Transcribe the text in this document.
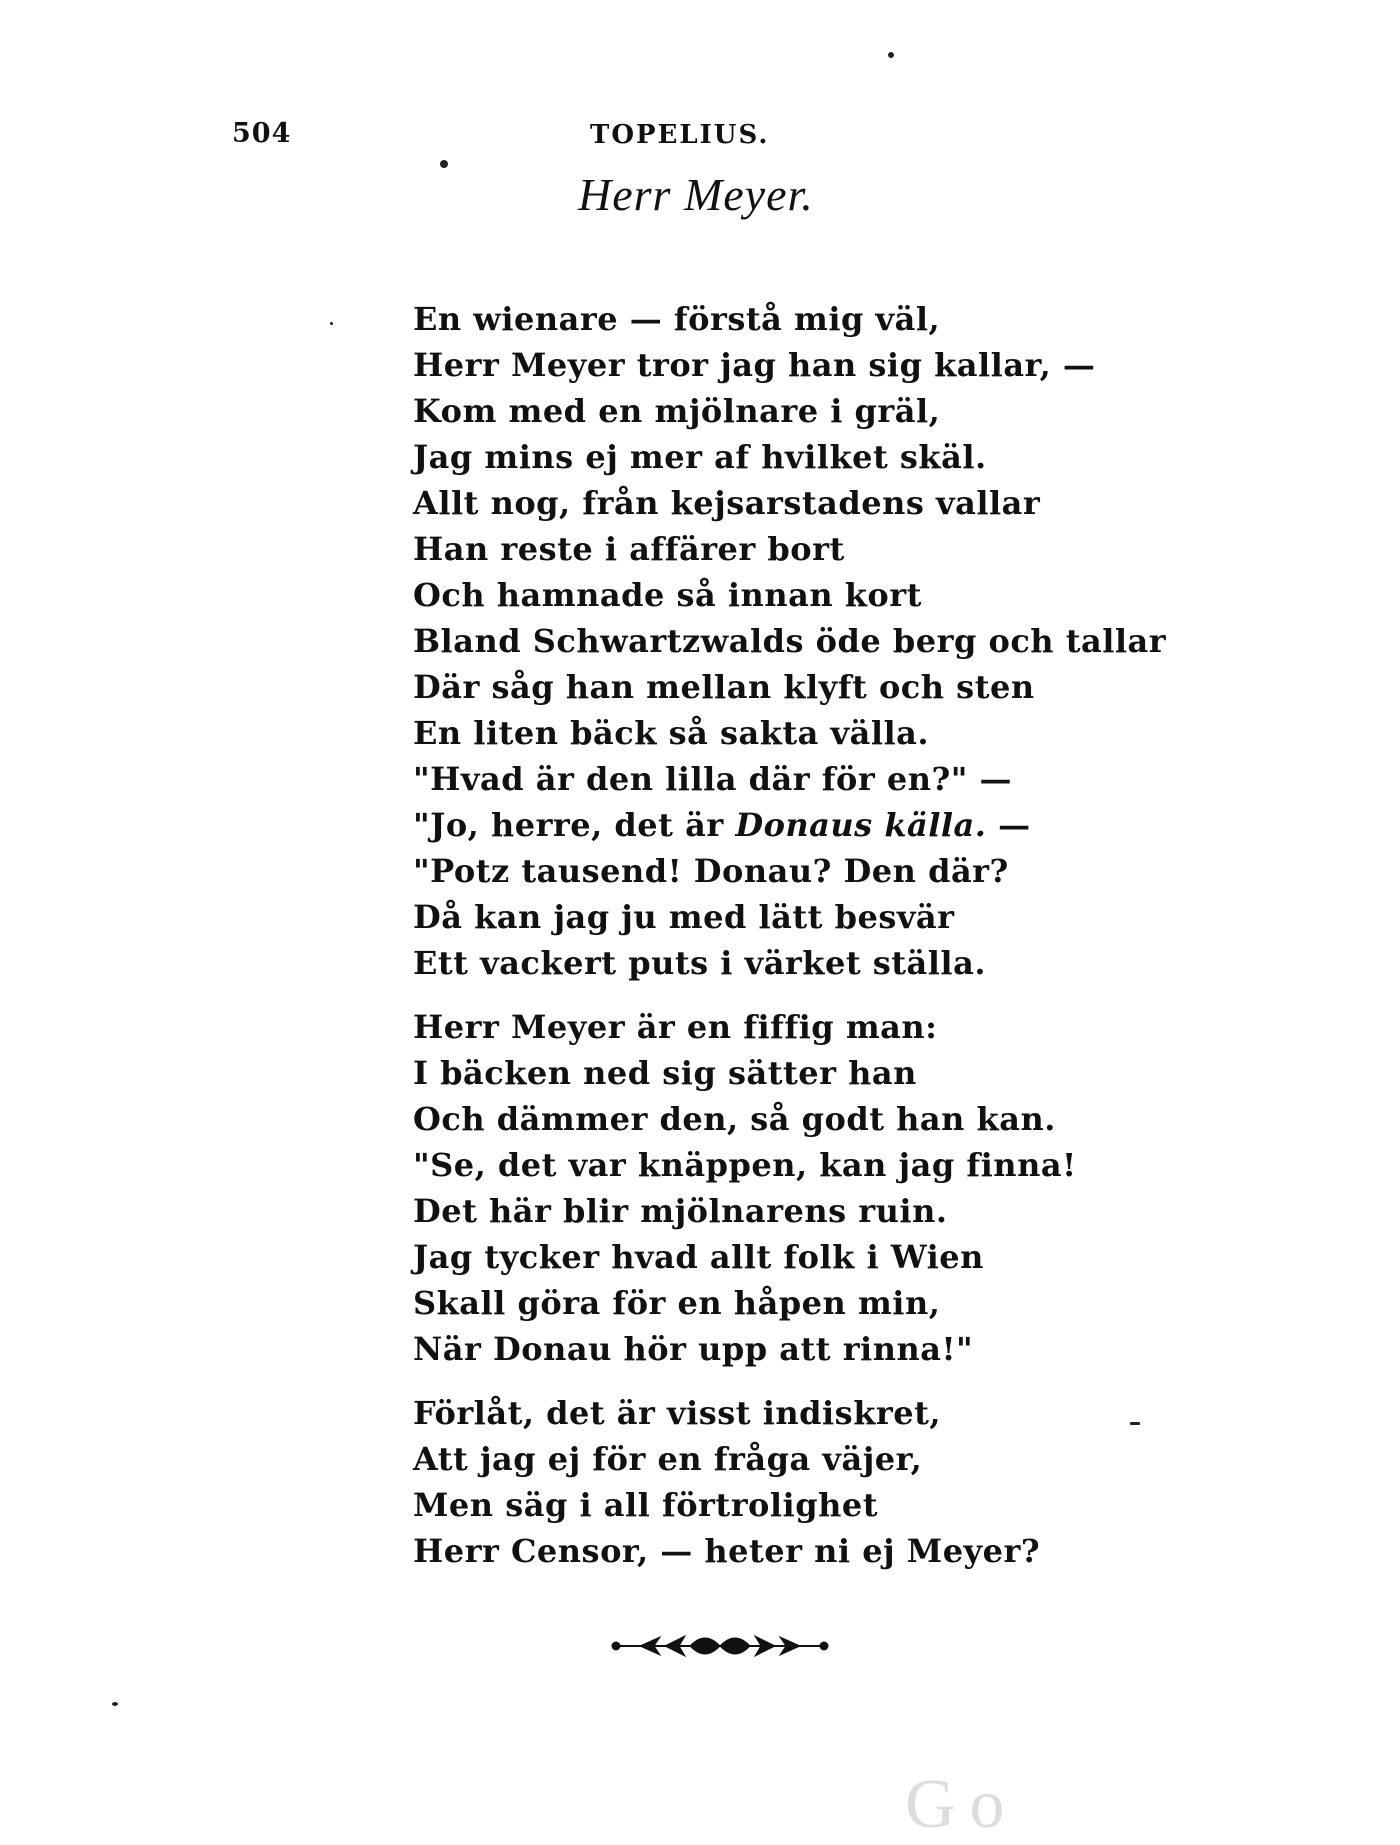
504	TOPELIUS.
Herr Meyer.
En wienare — förstå mig väl,
Herr Meyer tror jag han sig kallar, —
Kom med en mjölnare i gräl,
Jag mins ej mer af hvilket skäl.
Allt nog, från kejsarstadens vallar
Han reste i affärer bort
Och hamnade så innan kort
Bland Schwartzwalds öde berg och tallar
Där såg han mellan klyft och sten
En liten bäck så sakta välla.
"Hvad är den lilla där för en?" —
"Jo, herre, det är Donaus källa. —
"Potz tausend! Donau? Den där?
Då kan jag ju med lätt besvär
Ett vackert puts i värket ställa.
Herr Meyer är en fiffig man:
I bäcken ned sig sätter han
Och dämmer den, så godt han kan.
"Se, det var knäppen, kan jag finna!
Det här blir mjölnarens ruin.
Jag tycker hvad allt folk i Wien
Skall göra för en håpen min,
När Donau hör upp att rinna!"
Förlåt, det är visst indiskret,
Att jag ej för en fråga väjer,
Men säg i all förtrolighet
Herr Censor, — heter ni ej Meyer?
Go
